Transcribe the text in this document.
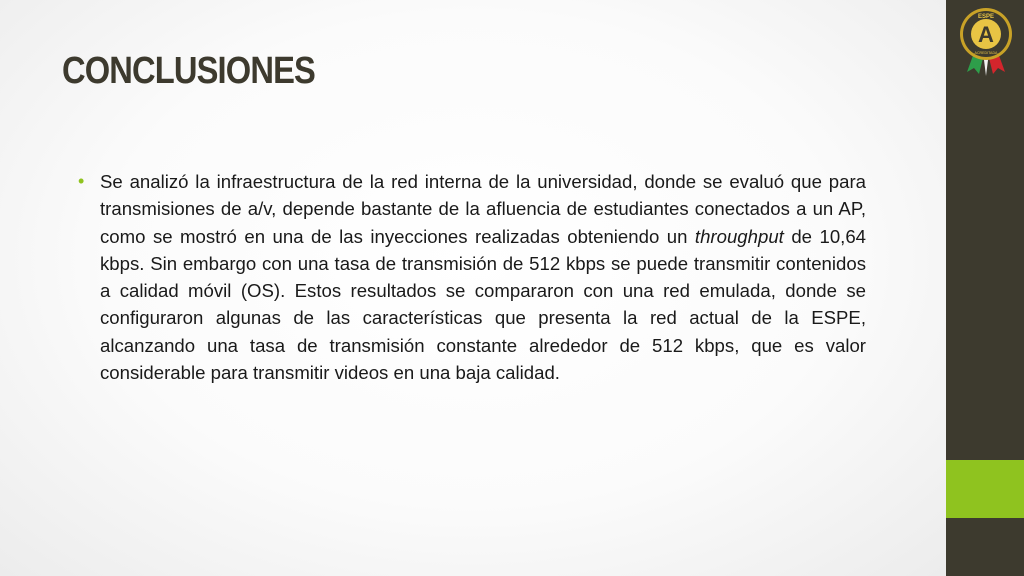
CONCLUSIONES
• Se analizó la infraestructura de la red interna de la universidad, donde se evaluó que para transmisiones de a/v, depende bastante de la afluencia de estudiantes conectados a un AP, como se mostró en una de las inyecciones realizadas obteniendo un throughput de 10,64 kbps. Sin embargo con una tasa de transmisión de 512 kbps se puede transmitir contenidos a calidad móvil (OS). Estos resultados se compararon con una red emulada, donde se configuraron algunas de las características que presenta la red actual de la ESPE, alcanzando una tasa de transmisión constante alrededor de 512 kbps, que es valor considerable para transmitir videos en una baja calidad.

ESPE
A
ACREDITADA
